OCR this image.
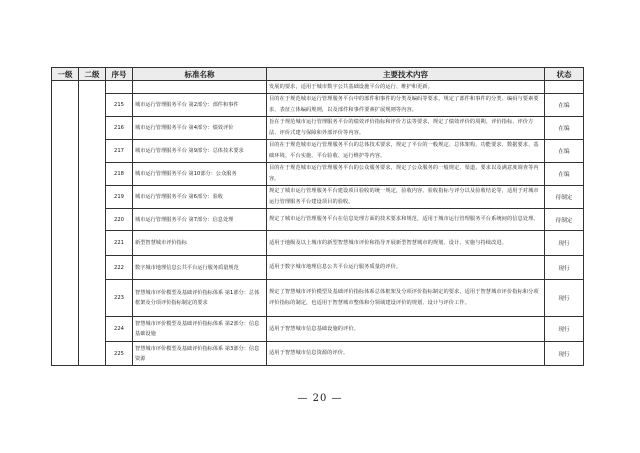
一级	二级	序号	标准名称	主要技术内容	状态
				发展的要求，适用于城市数字公共基础设施平台的运行、维护和更新。	
		215	城市运行管理服务平台 第2部分：部件和事件	目的在于规范城市运行管理服务平台中的部件和事件的分类及编码等要求，规定了部件和事件的分类、编码与要素要求，表征立体编码规则，以及部件和事件要素扩展规则等内容。	在编
		216	城市运行管理服务平台 第4部分：绩效评价	旨在于规范城市运行管理服务平台的绩效评价指标和评价方法等要求，规定了绩效评价的周期、评价指标、评价方法、评价式建与保障和外部评价等内容。	在编
		217	城市运行管理服务平台 第9部分：总体技术要求	目的在于规范城市运行管理服务平台的总体技术要求，规定了平台的一般规定、总体架构、功能要求、数据要求、基础环境、平台实施、平台验收、运行维护等内容。	在编
		218	城市运行管理服务平台 第10部分：公众服务	目的在于规范城市运行管理服务平台的公众服务要求，规定了公众服务的一般规定、渠道、要求以及满意度调查等内容。	在编
		219	城市运行管理服务平台 第6部分：验收	规定了城市运行管理服务平台建设项目验收的统一规定，验收内容、验收指标与评分以及验收结论等，适用于对城市运行管理服务平台建设项目的验收。	待制定
		220	城市运行管理服务平台 第7部分：信息处理	规定了城市运行管理服务平台在信息处理方面的技术要求和规范，适用于城市运行管理服务平台系统间的信息处理。	待制定
		221	新型智慧城市评价指标	适用于地级及以上城市的新型智慧城市评价和指导开展新型智慧城市的规划、设计、实施与持续改进。	现行
		222	数字城市地理信息公共平台运行服务质量规范	适用于数字城市地理信息公共平台运行服务质量的评价。	现行
		223	智慧城市评价模型及基础评价指标体系 第1部分：总体框架及分项评价指标制定的要求	规定了智慧城市评价模型及基础评价指标体系总体框架及分项评价指标制定的要求，适用于智慧城市评价指标和分项评价指标的制定，也适用于智慧城市整体和分领域建设评价的规划、设计与评价工作。	现行
		224	智慧城市评价模型及基础评价指标体系 第2部分：信息基础设施	适用于智慧城市信息基础设施的评价。	现行
		225	智慧城市评价模型及基础评价指标体系 第3部分：信息资源	适用于智慧城市信息资源的评价。	现行
— 20 —
